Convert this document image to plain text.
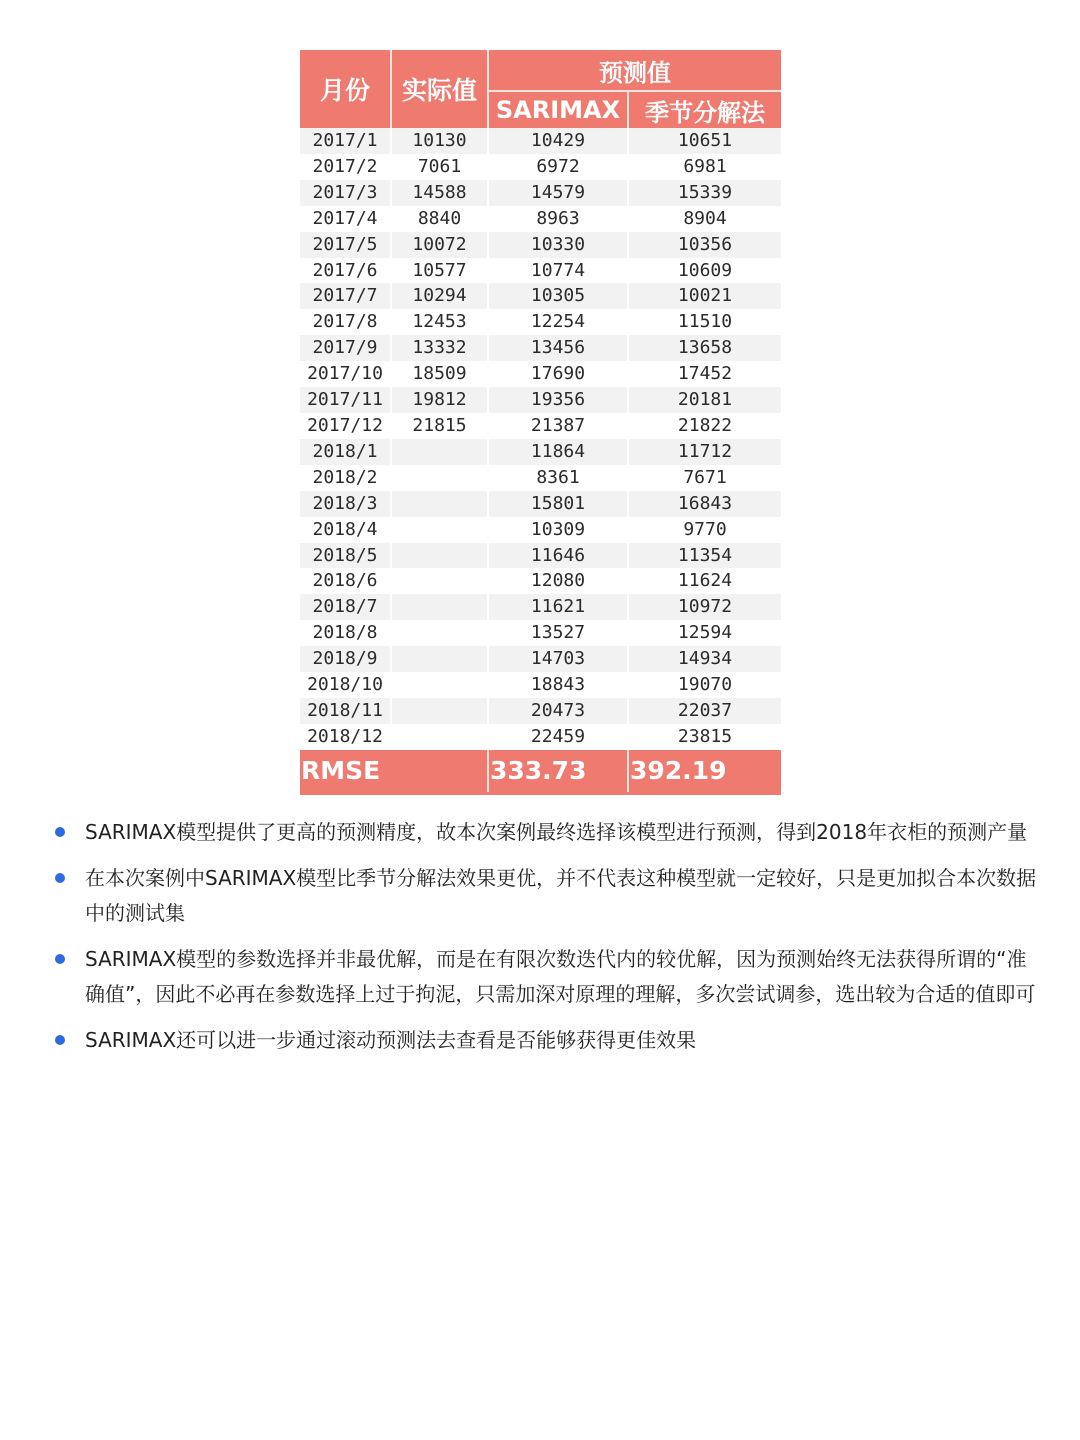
月份	实际值	预测值	
		SARIMAX	季节分解法
2017/1	10130	10429	10651
2017/2	7061	6972	6981
2017/3	14588	14579	15339
2017/4	8840	8963	8904
2017/5	10072	10330	10356
2017/6	10577	10774	10609
2017/7	10294	10305	10021
2017/8	12453	12254	11510
2017/9	13332	13456	13658
2017/10	18509	17690	17452
2017/11	19812	19356	20181
2017/12	21815	21387	21822
2018/1		11864	11712
2018/2		8361	7671
2018/3		15801	16843
2018/4		10309	9770
2018/5		11646	11354
2018/6		12080	11624
2018/7		11621	10972
2018/8		13527	12594
2018/9		14703	14934
2018/10		18843	19070
2018/11		20473	22037
2018/12		22459	23815
RMSE		333.73	392.19
SARIMAX模型提供了更高的预测精度，故本次案例最终选择该模型进行预测，得到2018年衣柜的预测产量
在本次案例中SARIMAX模型比季节分解法效果更优，并不代表这种模型就一定较好，只是更加拟合本次数据中的测试集
SARIMAX模型的参数选择并非最优解，而是在有限次数迭代内的较优解，因为预测始终无法获得所谓的“准确值”，因此不必再在参数选择上过于拘泥，只需加深对原理的理解，多次尝试调参，选出较为合适的值即可
SARIMAX还可以进一步通过滚动预测法去查看是否能够获得更佳效果
